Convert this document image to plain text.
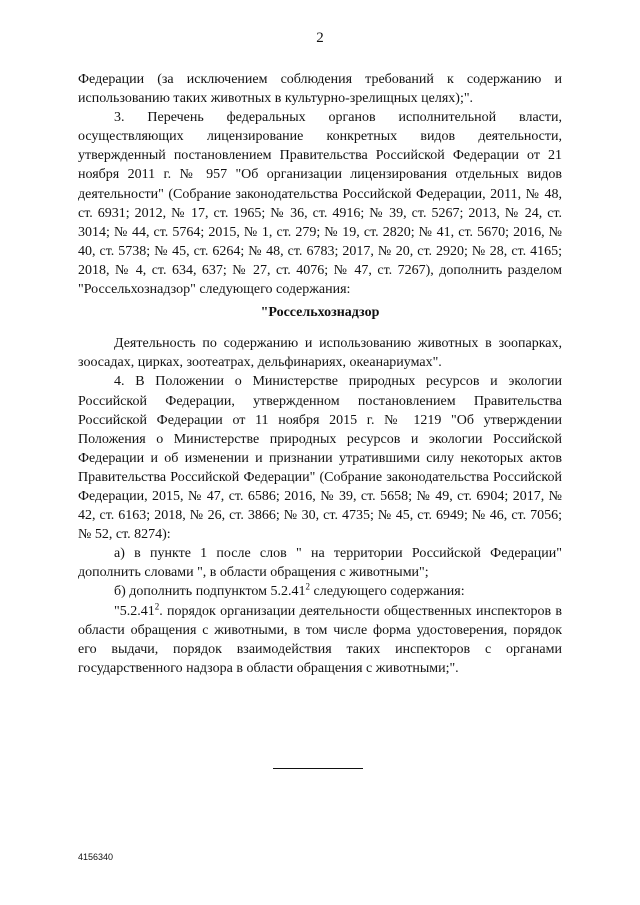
2

Федерации (за исключением соблюдения требований к содержанию и использованию таких животных в культурно-зрелищных целях);".

3. Перечень федеральных органов исполнительной власти, осуществляющих лицензирование конкретных видов деятельности, утвержденный постановлением Правительства Российской Федерации от 21 ноября 2011 г. № 957 "Об организации лицензирования отдельных видов деятельности" (Собрание законодательства Российской Федерации, 2011, № 48, ст. 6931; 2012, № 17, ст. 1965; № 36, ст. 4916; № 39, ст. 5267; 2013, № 24, ст. 3014; № 44, ст. 5764; 2015, № 1, ст. 279; № 19, ст. 2820; № 41, ст. 5670; 2016, № 40, ст. 5738; № 45, ст. 6264; № 48, ст. 6783; 2017, № 20, ст. 2920; № 28, ст. 4165; 2018, № 4, ст. 634, 637; № 27, ст. 4076; № 47, ст. 7267), дополнить разделом "Россельхознадзор" следующего содержания:

"Россельхознадзор

Деятельность по содержанию и использованию животных в зоопарках, зоосадах, цирках, зоотеатрах, дельфинариях, океанариумах".

4. В Положении о Министерстве природных ресурсов и экологии Российской Федерации, утвержденном постановлением Правительства Российской Федерации от 11 ноября 2015 г. № 1219 "Об утверждении Положения о Министерстве природных ресурсов и экологии Российской Федерации и об изменении и признании утратившими силу некоторых актов Правительства Российской Федерации" (Собрание законодательства Российской Федерации, 2015, № 47, ст. 6586; 2016, № 39, ст. 5658; № 49, ст. 6904; 2017, № 42, ст. 6163; 2018, № 26, ст. 3866; № 30, ст. 4735; № 45, ст. 6949; № 46, ст. 7056; № 52, ст. 8274):

а) в пункте 1 после слов " на территории Российской Федерации" дополнить словами ", в области обращения с животными";

б) дополнить подпунктом 5.2.41$^2$ следующего содержания:

"5.2.41$^2$. порядок организации деятельности общественных инспекторов в области обращения с животными, в том числе форма удостоверения, порядок его выдачи, порядок взаимодействия таких инспекторов с органами государственного надзора в области обращения с животными;".

4156340
